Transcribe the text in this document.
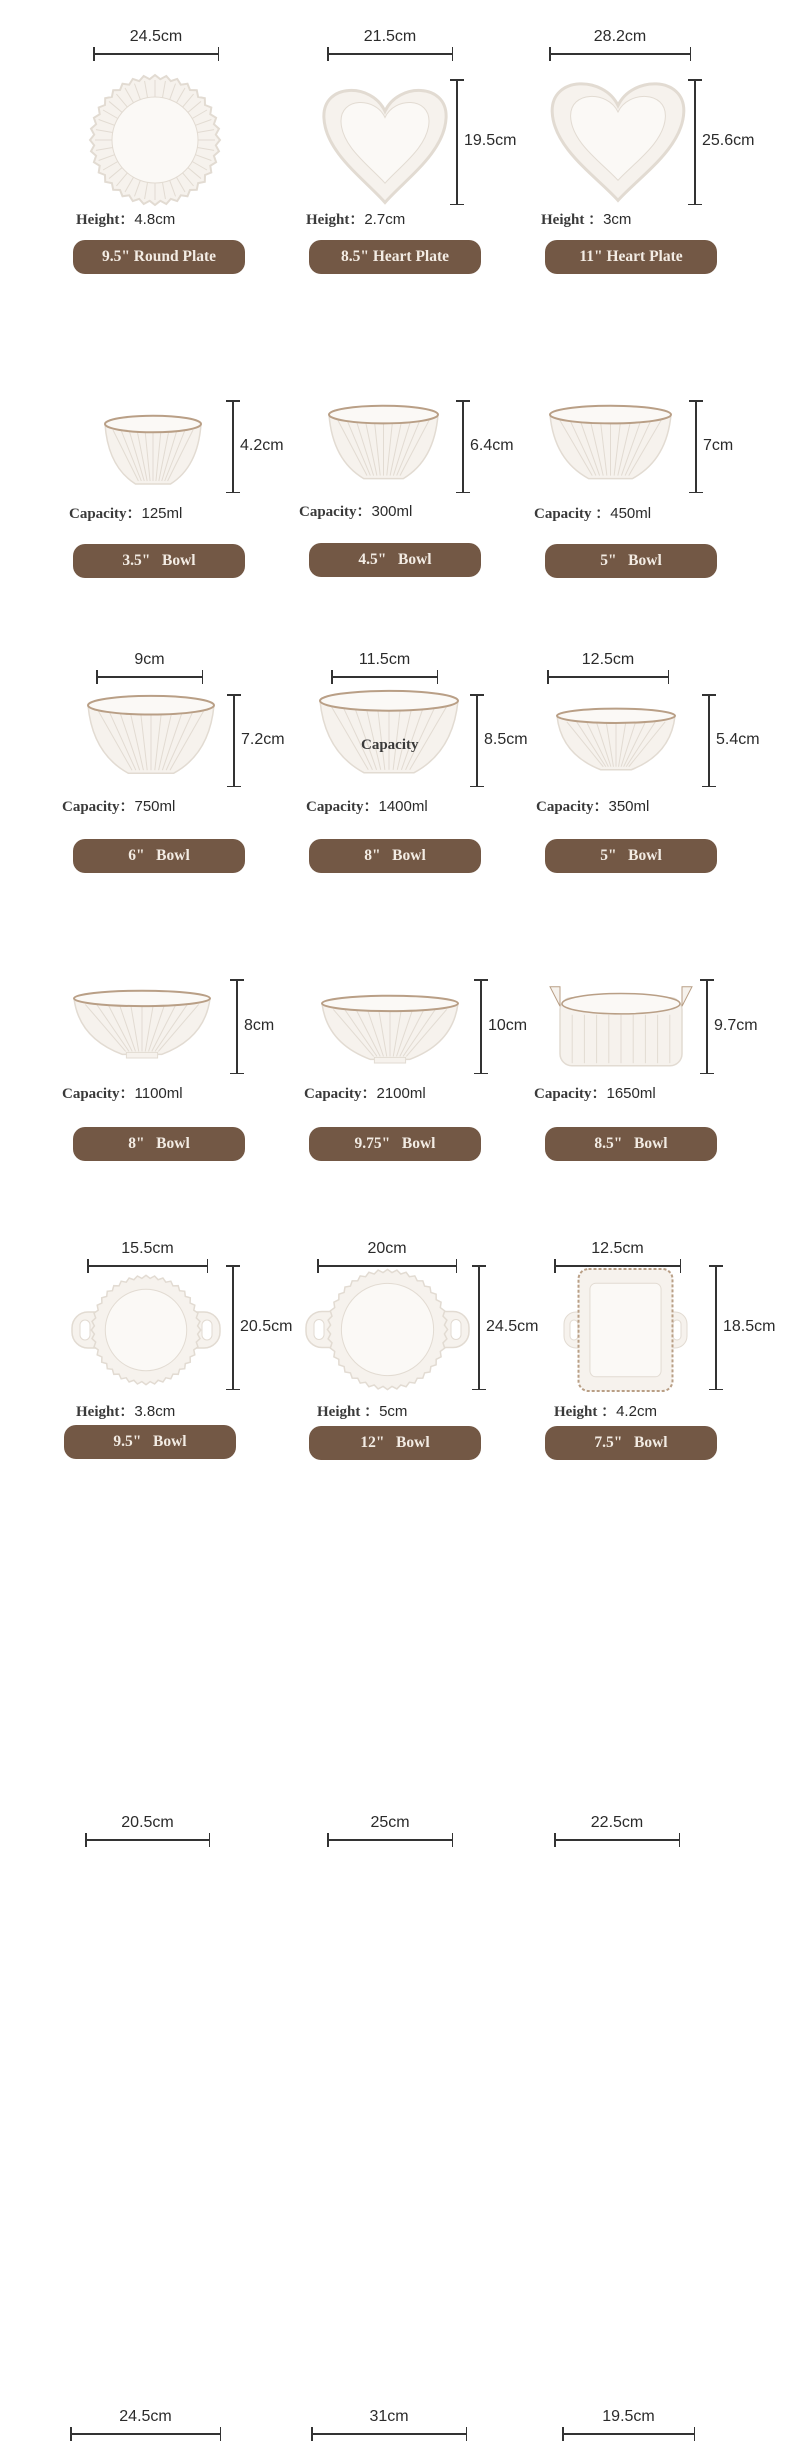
24.5cm
Height：4.8cm
9.5" Round Plate
21.5cm
19.5cm
Height：2.7cm
8.5" Heart Plate
28.2cm
25.6cm
Height ：3cm
11" Heart Plate
9cm
4.2cm
Capacity：125ml
3.5"   Bowl
11.5cm
6.4cm
Capacity：300ml
4.5"   Bowl
12.5cm
7cm
Capacity ：450ml
5"   Bowl
15.5cm
7.2cm
Capacity：750ml
6"   Bowl
20cm
8.5cm
Capacity：1400ml
8"   Bowl
12.5cm
5.4cm
Capacity：350ml
5"   Bowl
20.5cm
8cm
Capacity：1100ml
8"   Bowl
25cm
10cm
Capacity：2100ml
9.75"   Bowl
22.5cm
9.7cm
Capacity：1650ml
8.5"   Bowl
24.5cm
20.5cm
Height：3.8cm
9.5"   Bowl
31cm
24.5cm
Height ：5cm
12"   Bowl
19.5cm
18.5cm
Height ：4.2cm
7.5"   Bowl
Capacity
